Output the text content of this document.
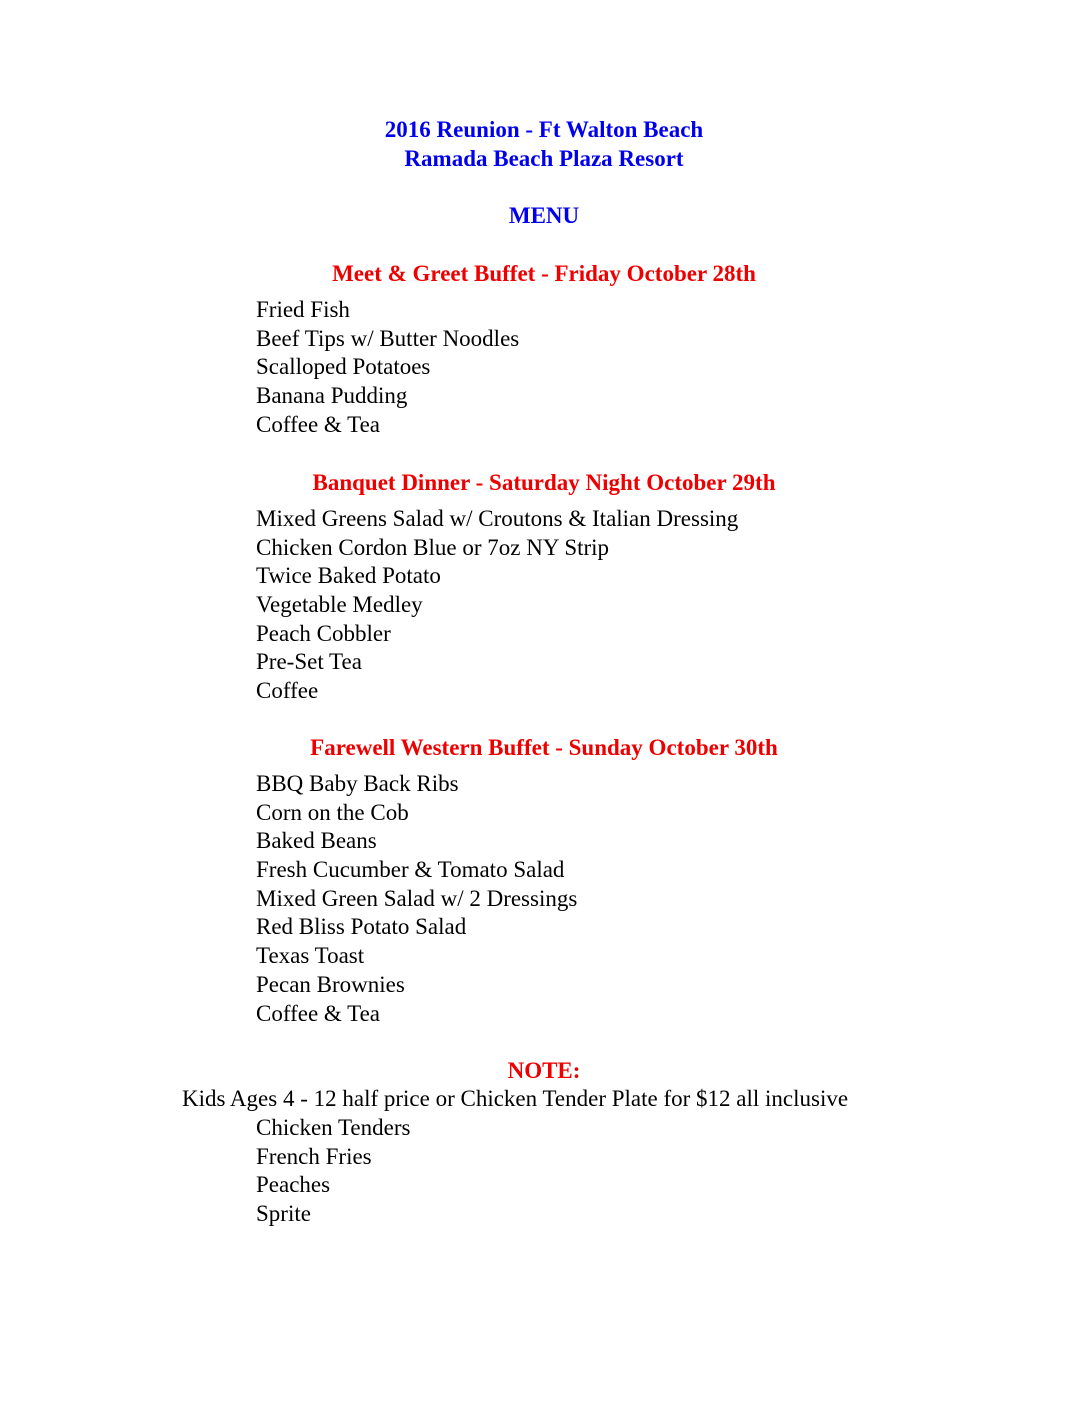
2016 Reunion - Ft Walton Beach
Ramada Beach Plaza Resort
MENU
Meet & Greet Buffet - Friday October 28th
Fried Fish
Beef Tips w/ Butter Noodles
Scalloped Potatoes
Banana Pudding
Coffee & Tea
Banquet Dinner - Saturday Night October 29th
Mixed Greens Salad w/ Croutons & Italian Dressing
Chicken Cordon Blue or 7oz NY Strip
Twice Baked Potato
Vegetable Medley
Peach Cobbler
Pre-Set Tea
Coffee
Farewell Western Buffet - Sunday October 30th
BBQ Baby Back Ribs
Corn on the Cob
Baked Beans
Fresh Cucumber & Tomato Salad
Mixed Green Salad w/ 2 Dressings
Red Bliss Potato Salad
Texas Toast
Pecan Brownies
Coffee & Tea
NOTE:
Kids Ages 4 - 12 half price or Chicken Tender Plate for $12 all inclusive
Chicken Tenders
French Fries
Peaches
Sprite
